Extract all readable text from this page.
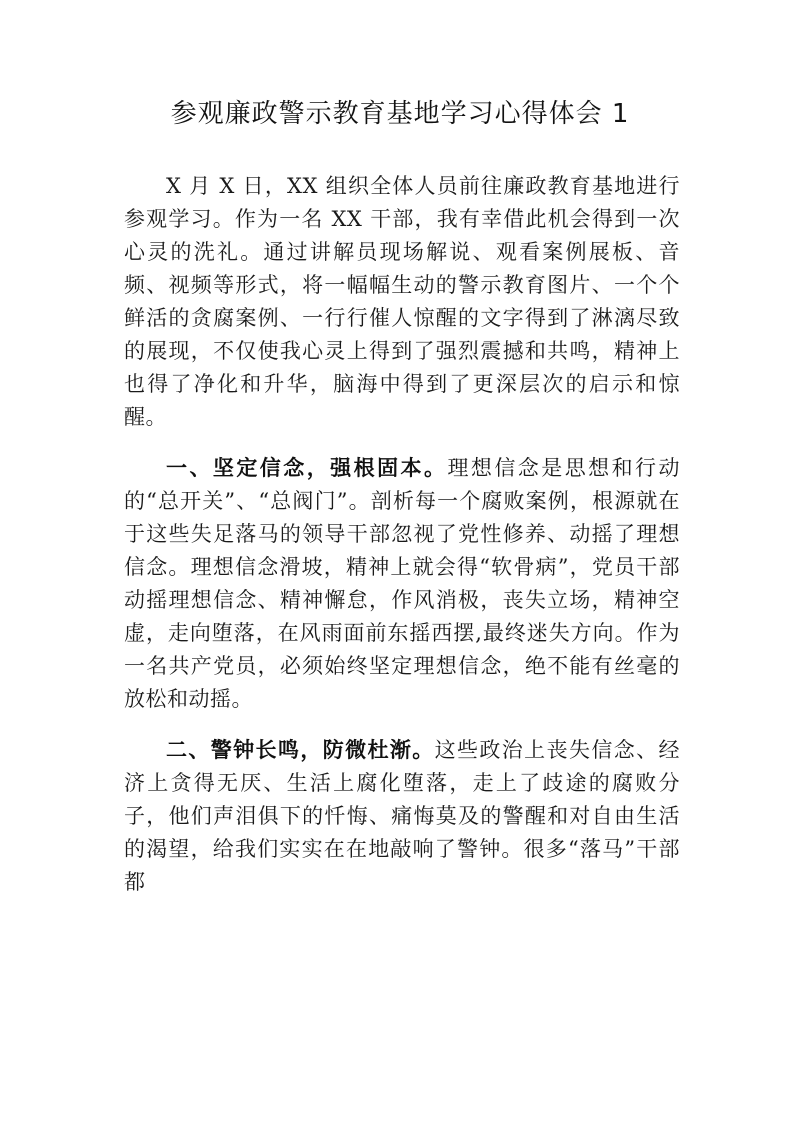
参观廉政警示教育基地学习心得体会 1

X 月 X 日，XX 组织全体人员前往廉政教育基地进行参观学习。作为一名 XX 干部，我有幸借此机会得到一次心灵的洗礼。通过讲解员现场解说、观看案例展板、音频、视频等形式，将一幅幅生动的警示教育图片、一个个鲜活的贪腐案例、一行行催人惊醒的文字得到了淋漓尽致的展现，不仅使我心灵上得到了强烈震撼和共鸣，精神上也得了净化和升华，脑海中得到了更深层次的启示和惊醒。

一、坚定信念，强根固本。理想信念是思想和行动的“总开关”、“总阀门”。剖析每一个腐败案例，根源就在于这些失足落马的领导干部忽视了党性修养、动摇了理想信念。理想信念滑坡，精神上就会得“软骨病”，党员干部动摇理想信念、精神懈怠，作风消极，丧失立场，精神空虚，走向堕落，在风雨面前东摇西摆,最终迷失方向。作为一名共产党员，必须始终坚定理想信念，绝不能有丝毫的放松和动摇。

二、警钟长鸣，防微杜渐。这些政治上丧失信念、经济上贪得无厌、生活上腐化堕落，走上了歧途的腐败分子，他们声泪俱下的忏悔、痛悔莫及的警醒和对自由生活的渴望，给我们实实在在地敲响了警钟。很多“落马”干部都
